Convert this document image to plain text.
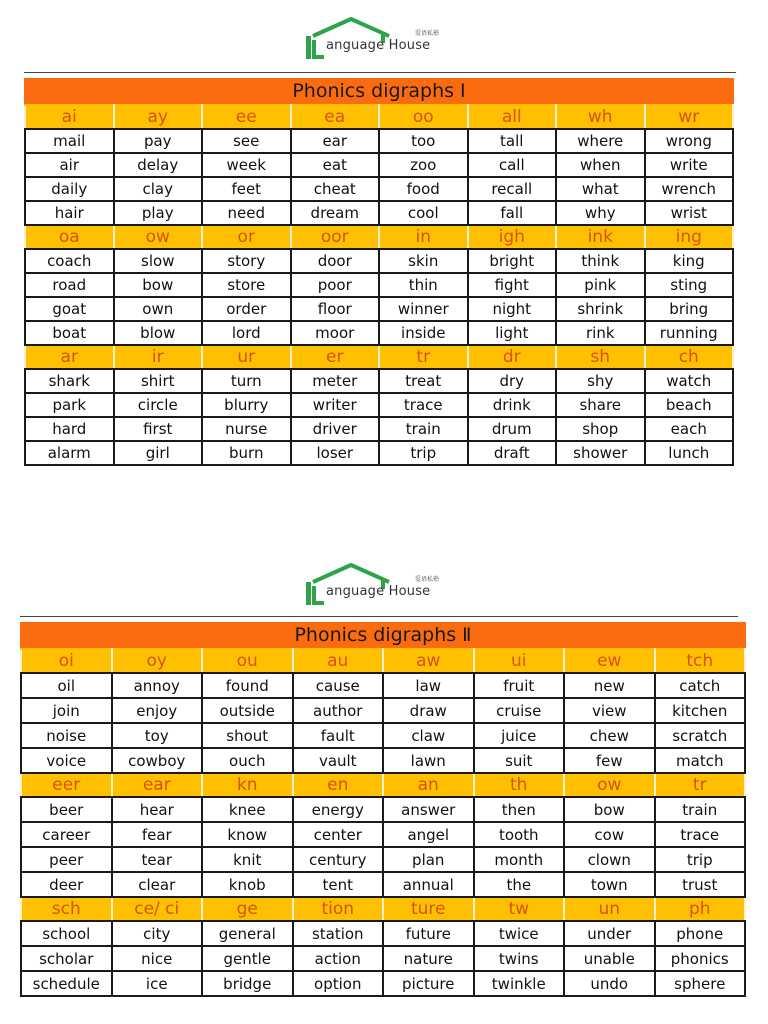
anguage House
爱语私塾
Phonics digraphs Ⅰ
ai	ay	ee	ea	oo	all	wh	wr
mail	pay	see	ear	too	tall	where	wrong
air	delay	week	eat	zoo	call	when	write
daily	clay	feet	cheat	food	recall	what	wrench
hair	play	need	dream	cool	fall	why	wrist
oa	ow	or	oor	in	igh	ink	ing
coach	slow	story	door	skin	bright	think	king
road	bow	store	poor	thin	fight	pink	sting
goat	own	order	floor	winner	night	shrink	bring
boat	blow	lord	moor	inside	light	rink	running
ar	ir	ur	er	tr	dr	sh	ch
shark	shirt	turn	meter	treat	dry	shy	watch
park	circle	blurry	writer	trace	drink	share	beach
hard	first	nurse	driver	train	drum	shop	each
alarm	girl	burn	loser	trip	draft	shower	lunch
anguage House
爱语私塾
Phonics digraphs Ⅱ
oi	oy	ou	au	aw	ui	ew	tch
oil	annoy	found	cause	law	fruit	new	catch
join	enjoy	outside	author	draw	cruise	view	kitchen
noise	toy	shout	fault	claw	juice	chew	scratch
voice	cowboy	ouch	vault	lawn	suit	few	match
eer	ear	kn	en	an	th	ow	tr
beer	hear	knee	energy	answer	then	bow	train
career	fear	know	center	angel	tooth	cow	trace
peer	tear	knit	century	plan	month	clown	trip
deer	clear	knob	tent	annual	the	town	trust
sch	ce/ ci	ge	tion	ture	tw	un	ph
school	city	general	station	future	twice	under	phone
scholar	nice	gentle	action	nature	twins	unable	phonics
schedule	ice	bridge	option	picture	twinkle	undo	sphere
